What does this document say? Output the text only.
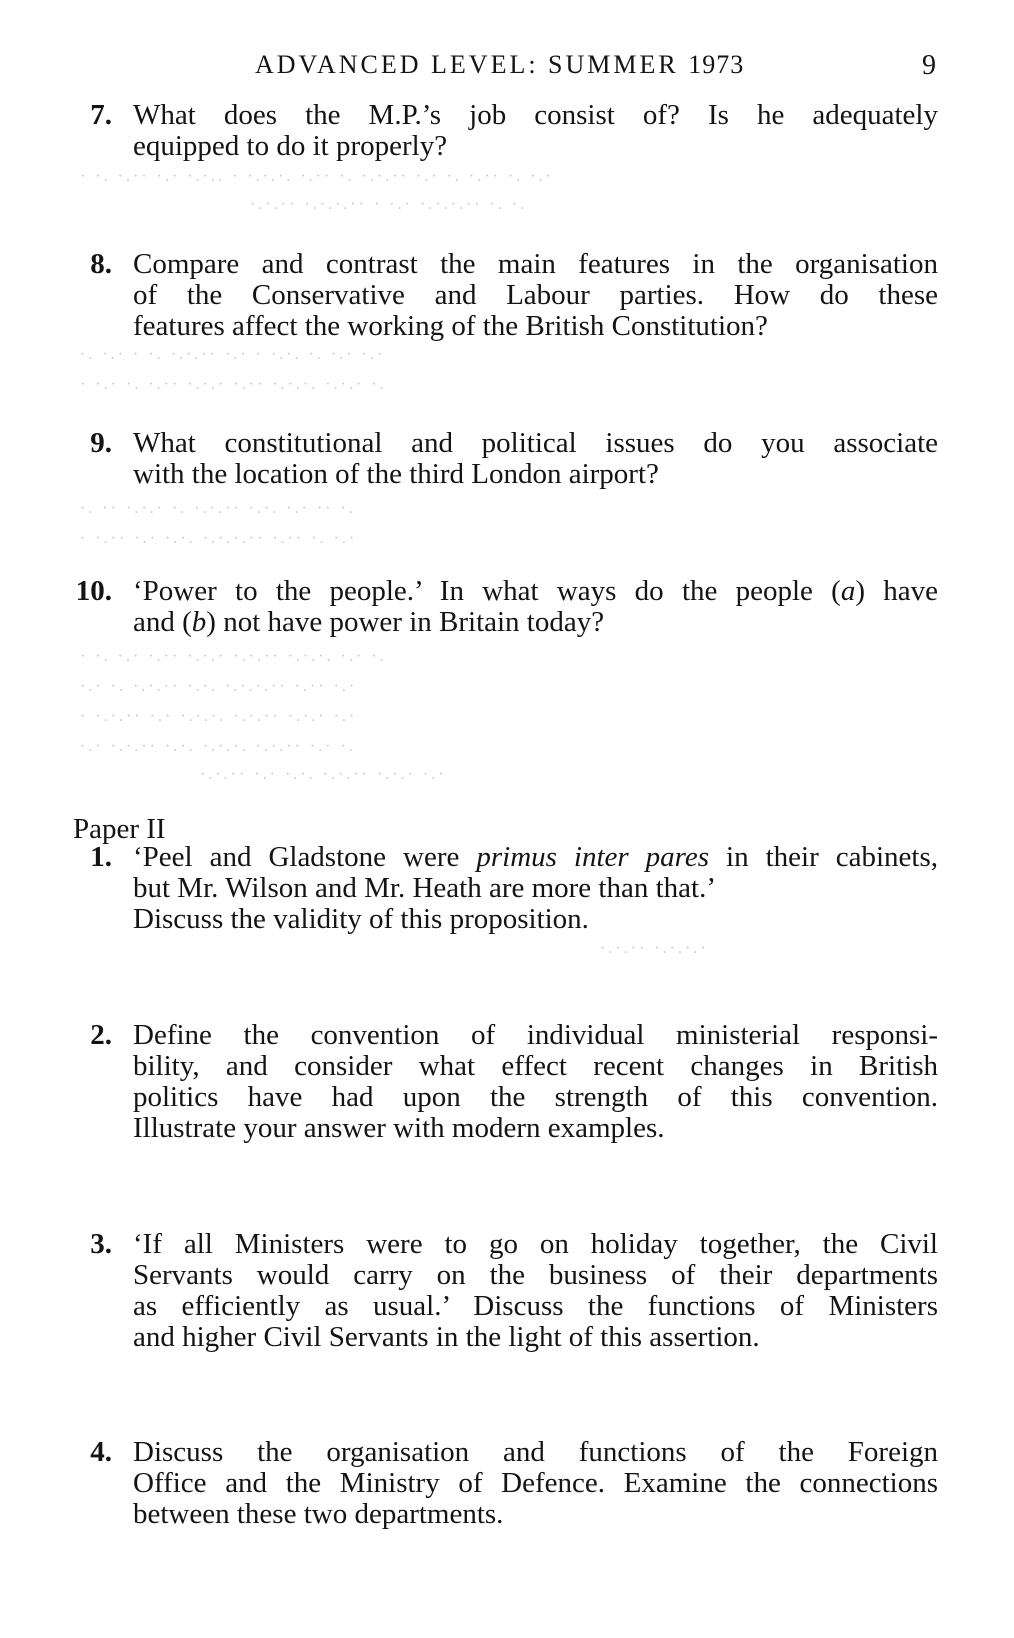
ADVANCED LEVEL: SUMMER 1973	9
7. What does the M.P.’s job consist of? Is he adequately
equipped to do it properly?
8. Compare and contrast the main features in the organisation
of the Conservative and Labour parties. How do these
features affect the working of the British Constitution?
9. What constitutional and political issues do you associate
with the location of the third London airport?
10. ‘Power to the people.’ In what ways do the people (a) have
and (b) not have power in Britain today?
Paper II
1. ‘Peel and Gladstone were primus inter pares in their cabinets,
but Mr. Wilson and Mr. Heath are more than that.’
Discuss the validity of this proposition.
2. Define the convention of individual ministerial responsi-
bility, and consider what effect recent changes in British
politics have had upon the strength of this convention.
Illustrate your answer with modern examples.
3. ‘If all Ministers were to go on holiday together, the Civil
Servants would carry on the business of their departments
as efficiently as usual.’ Discuss the functions of Ministers
and higher Civil Servants in the light of this assertion.
4. Discuss the organisation and functions of the Foreign
Office and the Ministry of Defence. Examine the connections
between these two departments.
· ·. ·.·· ·.· ·.·.. · ·.·.·. ·.·· ·. ·.·.·· ·.· ·. ·.·· ·. ·.·
·.·.·· ·.·.·.·· · ·.· ·.·.·.·· ·. ·.
·. ·.· · ·. ·.·.·· ·.· · ·.·. ·. ·.· ·.·
· ·.· ·. ·.·· ·.·.· ·.·· ·.·.·. ·.·.· ·.
·. ·· ·.·.· ·. ·.·.·· ·.·. ·.· ·· ·.
· ·.·· ·.· ·.·. ·.·.·.·· ·.·· ·. ·.·
· ·. ·.· ·.·· ·.·.· ·.·.·· ·.·.·. ·.· ·.
·.· ·. ·.·.·· ·.·. ·.·.·.·· ·.·· ·.·
· ·.·.·· ·.· ·.·.·. ·.·.·· ·.·.· ·.·
·.· ·.·.·· ·.·. ·.·.·. ·.·.·· ·.· ·.
·.·.·· ·.· ·.·. ·.·.·· ·.·.· ·.·
·.·.·· ·.·.·.·
